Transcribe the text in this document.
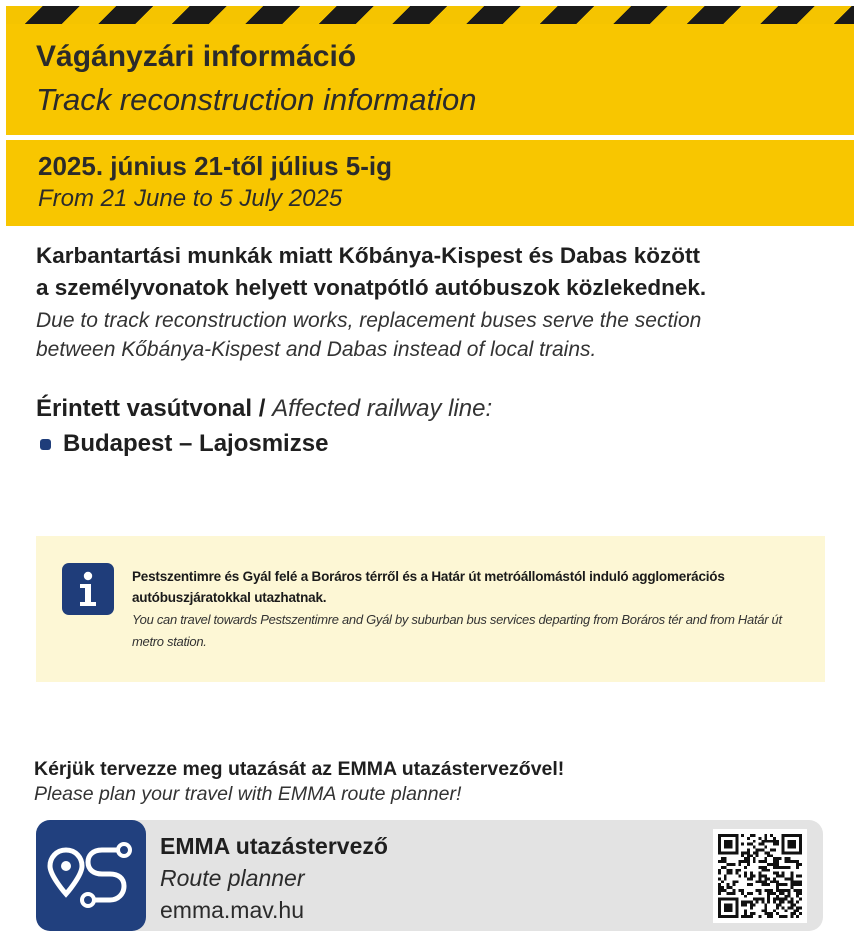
Vágányzári információ
Track reconstruction information
2025. június 21-től július 5-ig
From 21 June to 5 July 2025
Karbantartási munkák miatt Kőbánya-Kispest és Dabas között
a személyvonatok helyett vonatpótló autóbuszok közlekednek.
Due to track reconstruction works, replacement buses serve the section
between Kőbánya-Kispest and Dabas instead of local trains.
Érintett vasútvonal / Affected railway line:
Budapest – Lajosmizse
Pestszentimre és Gyál felé a Boráros térről és a Határ út metróállomástól induló agglomerációs
autóbuszjáratokkal utazhatnak.
You can travel towards Pestszentimre and Gyál by suburban bus services departing from Boráros tér and from Határ út
metro station.
Kérjük tervezze meg utazását az EMMA utazástervezővel!
Please plan your travel with EMMA route planner!
EMMA utazástervező
Route planner
emma.mav.hu
